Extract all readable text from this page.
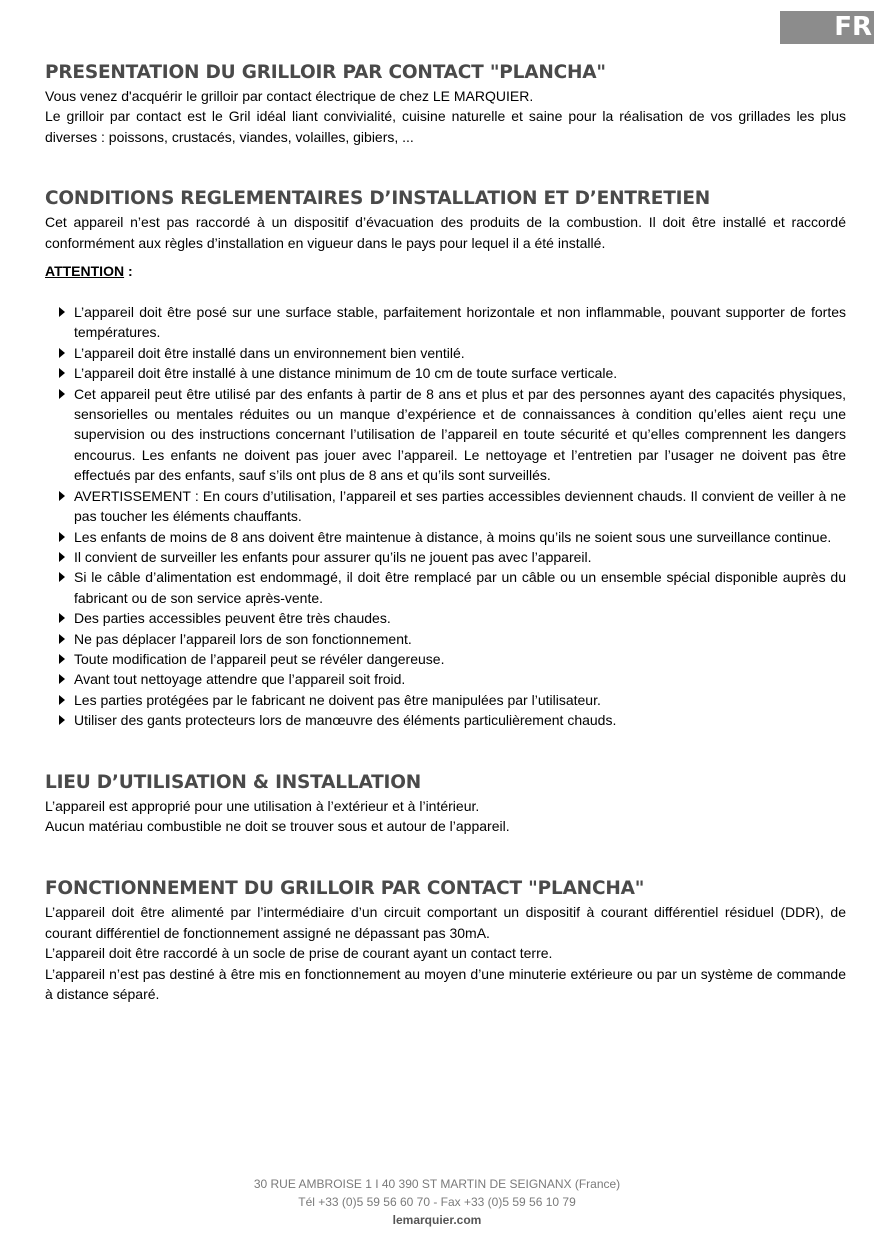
FR
PRESENTATION DU GRILLOIR PAR CONTACT "PLANCHA"

Vous venez d'acquérir le grilloir par contact électrique de chez LE MARQUIER.

Le grilloir par contact est le Gril idéal liant convivialité, cuisine naturelle et saine pour la réalisation de vos grillades les plus diverses : poissons, crustacés, viandes, volailles, gibiers, ...

CONDITIONS REGLEMENTAIRES D’INSTALLATION ET D’ENTRETIEN

Cet appareil n’est pas raccordé à un dispositif d’évacuation des produits de la combustion. Il doit être installé et raccordé conformément aux règles d’installation en vigueur dans le pays pour lequel il a été installé.

ATTENTION :
L’appareil doit être posé sur une surface stable, parfaitement horizontale et non inflammable, pouvant supporter de fortes températures.
L’appareil doit être installé dans un environnement bien ventilé.
L’appareil doit être installé à une distance minimum de 10 cm de toute surface verticale.
Cet appareil peut être utilisé par des enfants à partir de 8 ans et plus et par des personnes ayant des capacités physiques, sensorielles ou mentales réduites ou un manque d’expérience et de connaissances à condition qu’elles aient reçu une supervision ou des instructions concernant l’utilisation de l’appareil en toute sécurité et qu’elles comprennent les dangers encourus. Les enfants ne doivent pas jouer avec l’appareil. Le nettoyage et l’entretien par l’usager ne doivent pas être effectués par des enfants, sauf s’ils ont plus de 8 ans et qu’ils sont surveillés.
AVERTISSEMENT : En cours d’utilisation, l’appareil et ses parties accessibles deviennent chauds. Il convient de veiller à ne pas toucher les éléments chauffants.
Les enfants de moins de 8 ans doivent être maintenue à distance, à moins qu’ils ne soient sous une surveillance continue.
Il convient de surveiller les enfants pour assurer qu’ils ne jouent pas avec l’appareil.
Si le câble d’alimentation est endommagé, il doit être remplacé par un câble ou un ensemble spécial disponible auprès du fabricant ou de son service après-vente.
Des parties accessibles peuvent être très chaudes.
Ne pas déplacer l’appareil lors de son fonctionnement.
Toute modification de l’appareil peut se révéler dangereuse.
Avant tout nettoyage attendre que l’appareil soit froid.
Les parties protégées par le fabricant ne doivent pas être manipulées par l’utilisateur.
Utiliser des gants protecteurs lors de manœuvre des éléments particulièrement chauds.
LIEU D’UTILISATION & INSTALLATION

L’appareil est approprié pour une utilisation à l’extérieur et à l’intérieur.

Aucun matériau combustible ne doit se trouver sous et autour de l’appareil.

FONCTIONNEMENT DU GRILLOIR PAR CONTACT "PLANCHA"

L’appareil doit être alimenté par l’intermédiaire d’un circuit comportant un dispositif à courant différentiel résiduel (DDR), de courant différentiel de fonctionnement assigné ne dépassant pas 30mA.

L’appareil doit être raccordé à un socle de prise de courant ayant un contact terre.

L’appareil n’est pas destiné à être mis en fonctionnement au moyen d’une minuterie extérieure ou par un système de commande à distance séparé.

30 RUE AMBROISE 1 I 40 390 ST MARTIN DE SEIGNANX (France)
Tél +33 (0)5 59 56 60 70 - Fax +33 (0)5 59 56 10 79
lemarquier.com
